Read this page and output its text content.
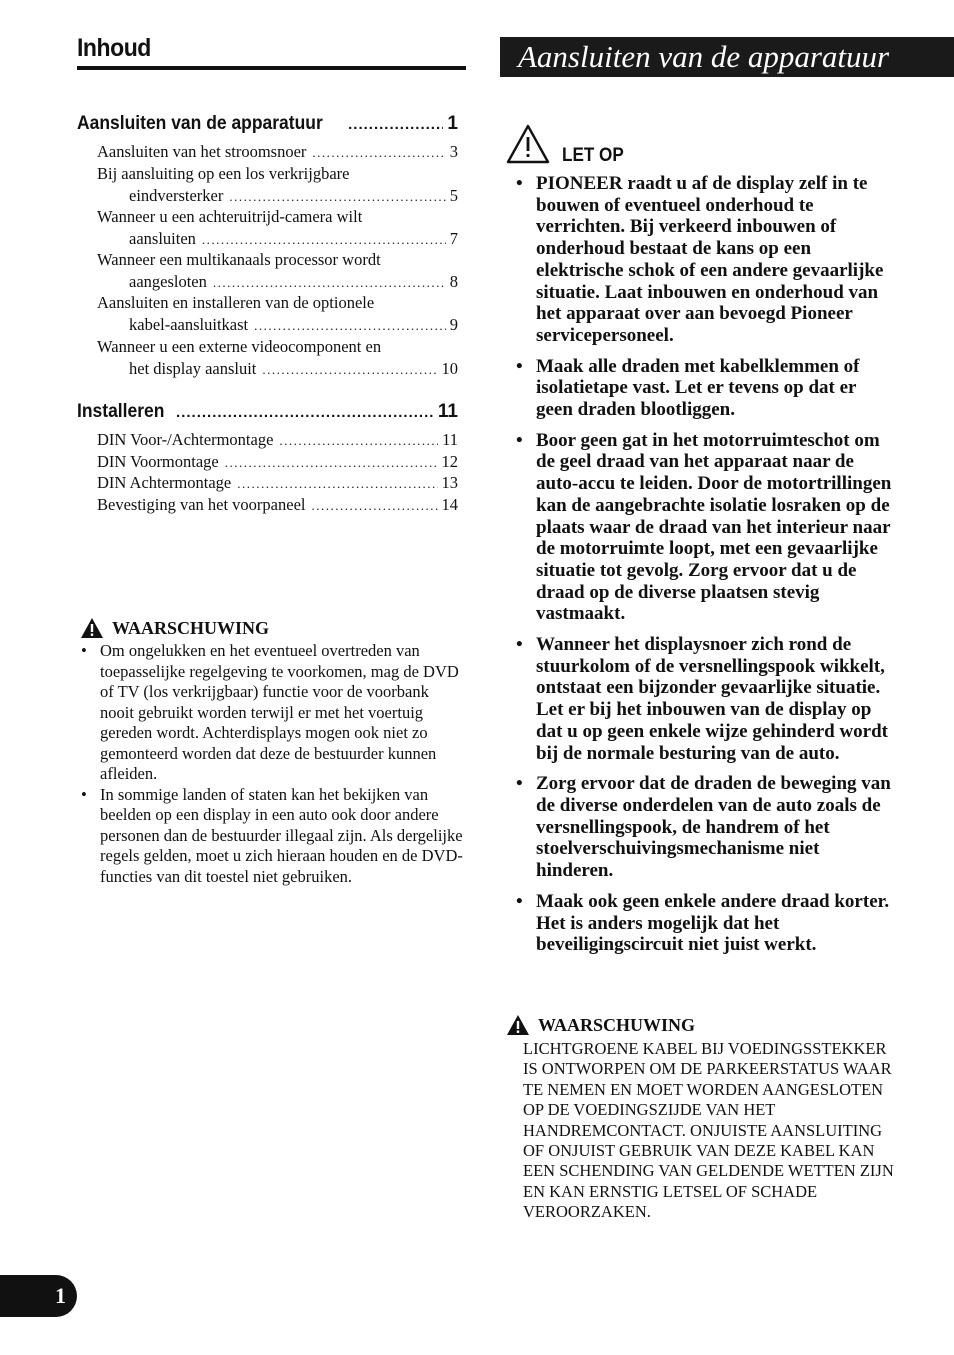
Inhoud
Aansluiten van de apparatuur .....	1
Aansluiten van het stroomsnoer .....	3
Bij aansluiting op een los verkrijgbare
eindversterker .....	5
Wanneer u een achteruitrijd-camera wilt
aansluiten .....	7
Wanneer een multikanaals processor wordt
aangesloten .....	8
Aansluiten en installeren van de optionele
kabel-aansluitkast .....	9
Wanneer u een externe videocomponent en
het display aansluit .....	10
Installeren .....	11
DIN Voor-/Achtermontage .....	11
DIN Voormontage .....	12
DIN Achtermontage .....	13
Bevestiging van het voorpaneel .....	14
WAARSCHUWING
• Om ongelukken en het eventueel overtreden van toepasselijke regelgeving te voorkomen, mag de DVD of TV (los verkrijgbaar) functie voor de voorbank nooit gebruikt worden terwijl er met het voertuig gereden wordt. Achterdisplays mogen ook niet zo gemonteerd worden dat deze de bestuurder kunnen afleiden.
• In sommige landen of staten kan het bekijken van beelden op een display in een auto ook door andere personen dan de bestuurder illegaal zijn. Als dergelijke regels gelden, moet u zich hieraan houden en de DVD-functies van dit toestel niet gebruiken.
Aansluiten van de apparatuur
LET OP
• PIONEER raadt u af de display zelf in te bouwen of eventueel onderhoud te verrichten. Bij verkeerd inbouwen of onderhoud bestaat de kans op een elektrische schok of een andere gevaarlijke situatie. Laat inbouwen en onderhoud van het apparaat over aan bevoegd Pioneer servicepersoneel.
• Maak alle draden met kabelklemmen of isolatietape vast. Let er tevens op dat er geen draden blootliggen.
• Boor geen gat in het motorruimteschot om de geel draad van het apparaat naar de auto-accu te leiden. Door de motortrillingen kan de aangebrachte isolatie losraken op de plaats waar de draad van het interieur naar de motorruimte loopt, met een gevaarlijke situatie tot gevolg. Zorg ervoor dat u de draad op de diverse plaatsen stevig vastmaakt.
• Wanneer het displaysnoer zich rond de stuurkolom of de versnellingspook wikkelt, ontstaat een bijzonder gevaarlijke situatie. Let er bij het inbouwen van de display op dat u op geen enkele wijze gehinderd wordt bij de normale besturing van de auto.
• Zorg ervoor dat de draden de beweging van de diverse onderdelen van de auto zoals de versnellingspook, de handrem of het stoelverschuivingsmechanisme niet hinderen.
• Maak ook geen enkele andere draad korter. Het is anders mogelijk dat het beveiligingscircuit niet juist werkt.
WAARSCHUWING
LICHTGROENE KABEL BIJ VOEDINGSSTEKKER IS ONTWORPEN OM DE PARKEERSTATUS WAAR TE NEMEN EN MOET WORDEN AANGESLOTEN OP DE VOEDINGSZIJDE VAN HET HANDREMCONTACT. ONJUISTE AANSLUITING OF ONJUIST GEBRUIK VAN DEZE KABEL KAN EEN SCHENDING VAN GELDENDE WETTEN ZIJN EN KAN ERNSTIG LETSEL OF SCHADE VEROORZAKEN.
1
